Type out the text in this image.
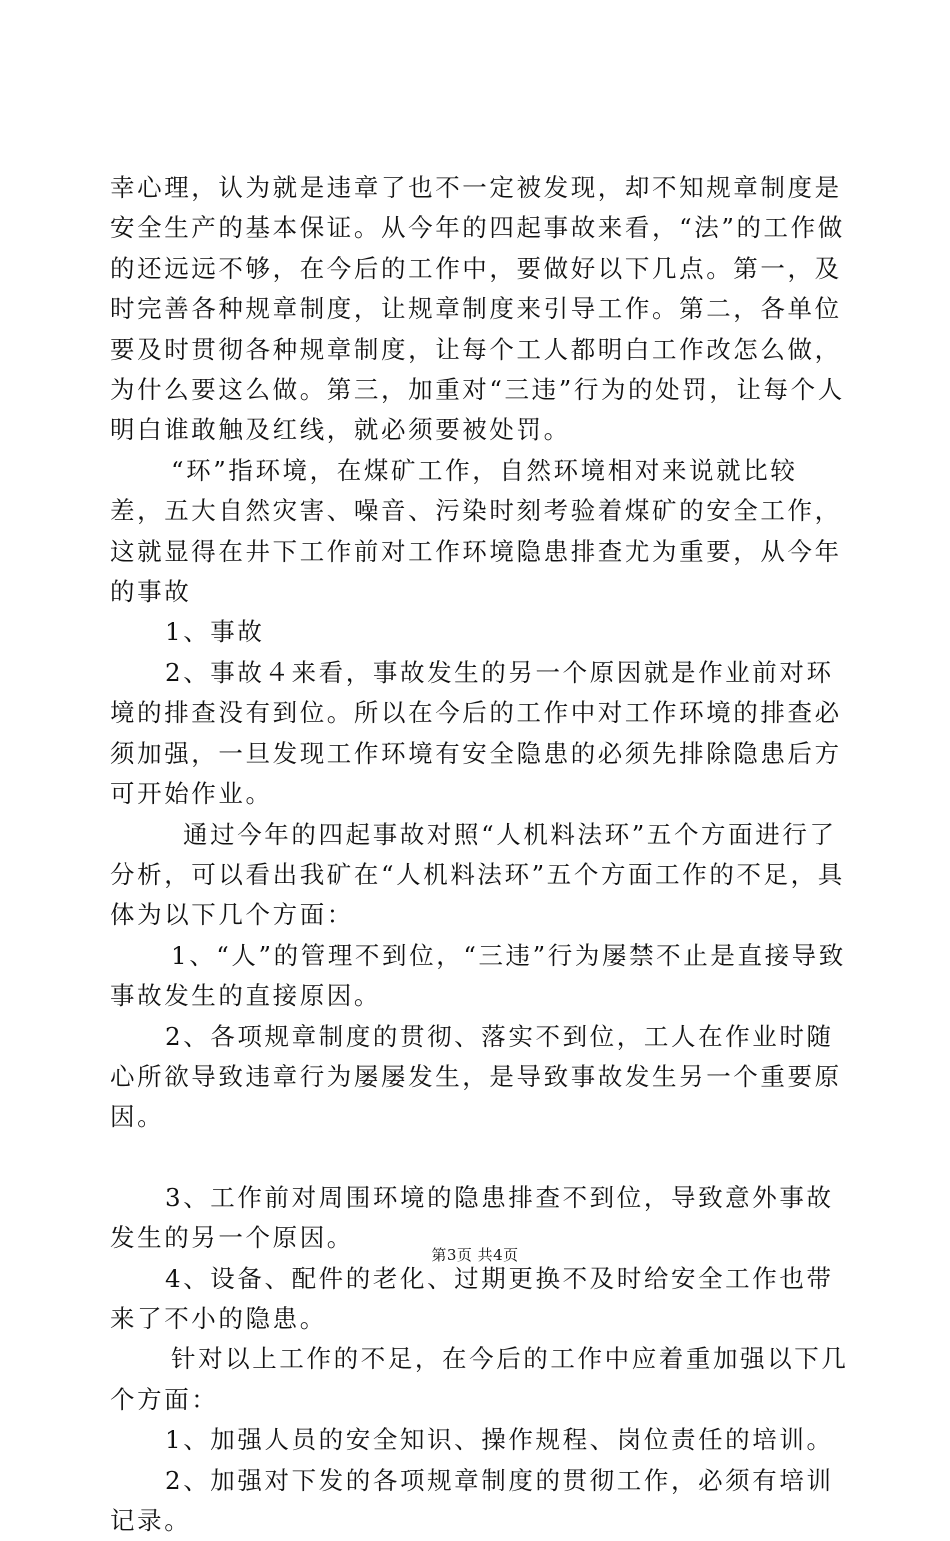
幸心理，认为就是违章了也不一定被发现，却不知规章制度是安全生产的基本保证。从今年的四起事故来看，“法”的工作做的还远远不够，在今后的工作中，要做好以下几点。第一，及时完善各种规章制度，让规章制度来引导工作。第二，各单位要及时贯彻各种规章制度，让每个工人都明白工作改怎么做，为什么要这么做。第三，加重对“三违”行为的处罚，让每个人明白谁敢触及红线，就必须要被处罚。

“环”指环境，在煤矿工作，自然环境相对来说就比较差，五大自然灾害、噪音、污染时刻考验着煤矿的安全工作，这就显得在井下工作前对工作环境隐患排查尤为重要，从今年的事故

1、事故

2、事故４来看，事故发生的另一个原因就是作业前对环境的排查没有到位。所以在今后的工作中对工作环境的排查必须加强，一旦发现工作环境有安全隐患的必须先排除隐患后方可开始作业。

通过今年的四起事故对照“人机料法环”五个方面进行了分析，可以看出我矿在“人机料法环”五个方面工作的不足，具体为以下几个方面：

1、“人”的管理不到位，“三违”行为屡禁不止是直接导致事故发生的直接原因。

2、各项规章制度的贯彻、落实不到位，工人在作业时随心所欲导致违章行为屡屡发生，是导致事故发生另一个重要原因。

3、工作前对周围环境的隐患排查不到位，导致意外事故发生的另一个原因。

4、设备、配件的老化、过期更换不及时给安全工作也带来了不小的隐患。

针对以上工作的不足，在今后的工作中应着重加强以下几个方面：

1、加强人员的安全知识、操作规程、岗位责任的培训。

2、加强对下发的各项规章制度的贯彻工作，必须有培训记录。

第3页 共4页
